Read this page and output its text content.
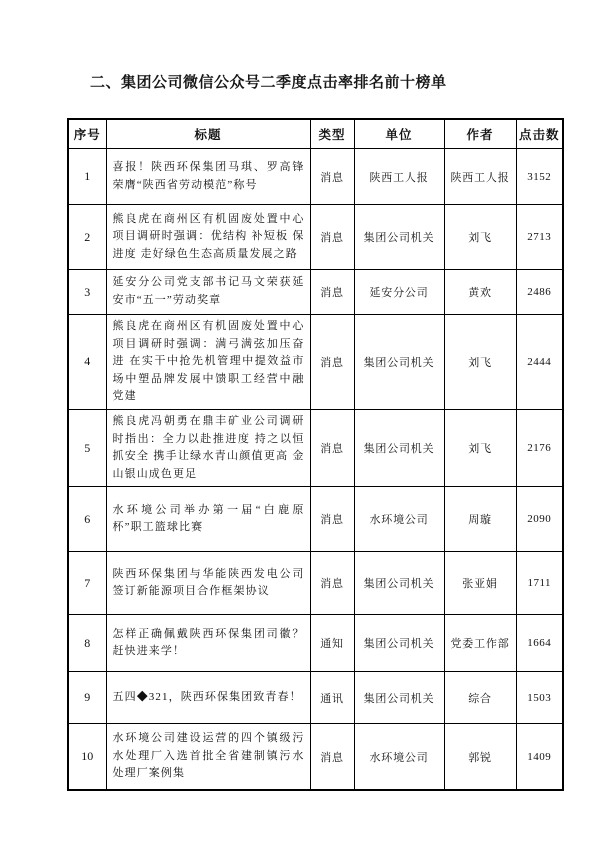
二、集团公司微信公众号二季度点击率排名前十榜单
序号	标题	类型	单位	作者	点击数
1	喜报！陕西环保集团马琪、罗高锋荣膺“陕西省劳动模范”称号	消息	陕西工人报	陕西工人报	3152
2	熊良虎在商州区有机固废处置中心项目调研时强调：优结构 补短板 保进度 走好绿色生态高质量发展之路	消息	集团公司机关	刘飞	2713
3	延安分公司党支部书记马文荣获延安市“五一”劳动奖章	消息	延安分公司	黄欢	2486
4	熊良虎在商州区有机固废处置中心项目调研时强调：满弓满弦加压奋进 在实干中抢先机管理中提效益市场中塑品牌发展中馈职工经营中融党建	消息	集团公司机关	刘飞	2444
5	熊良虎冯朝勇在鼎丰矿业公司调研时指出：全力以赴推进度 持之以恒抓安全 携手让绿水青山颜值更高 金山银山成色更足	消息	集团公司机关	刘飞	2176
6	水环境公司举办第一届“白鹿原杯”职工篮球比赛	消息	水环境公司	周璇	2090
7	陕西环保集团与华能陕西发电公司签订新能源项目合作框架协议	消息	集团公司机关	张亚娟	1711
8	怎样正确佩戴陕西环保集团司徽？赶快进来学！	通知	集团公司机关	党委工作部	1664
9	五四◆321，陕西环保集团致青春！	通讯	集团公司机关	综合	1503
10	水环境公司建设运营的四个镇级污水处理厂入选首批全省建制镇污水处理厂案例集	消息	水环境公司	郭锐	1409
